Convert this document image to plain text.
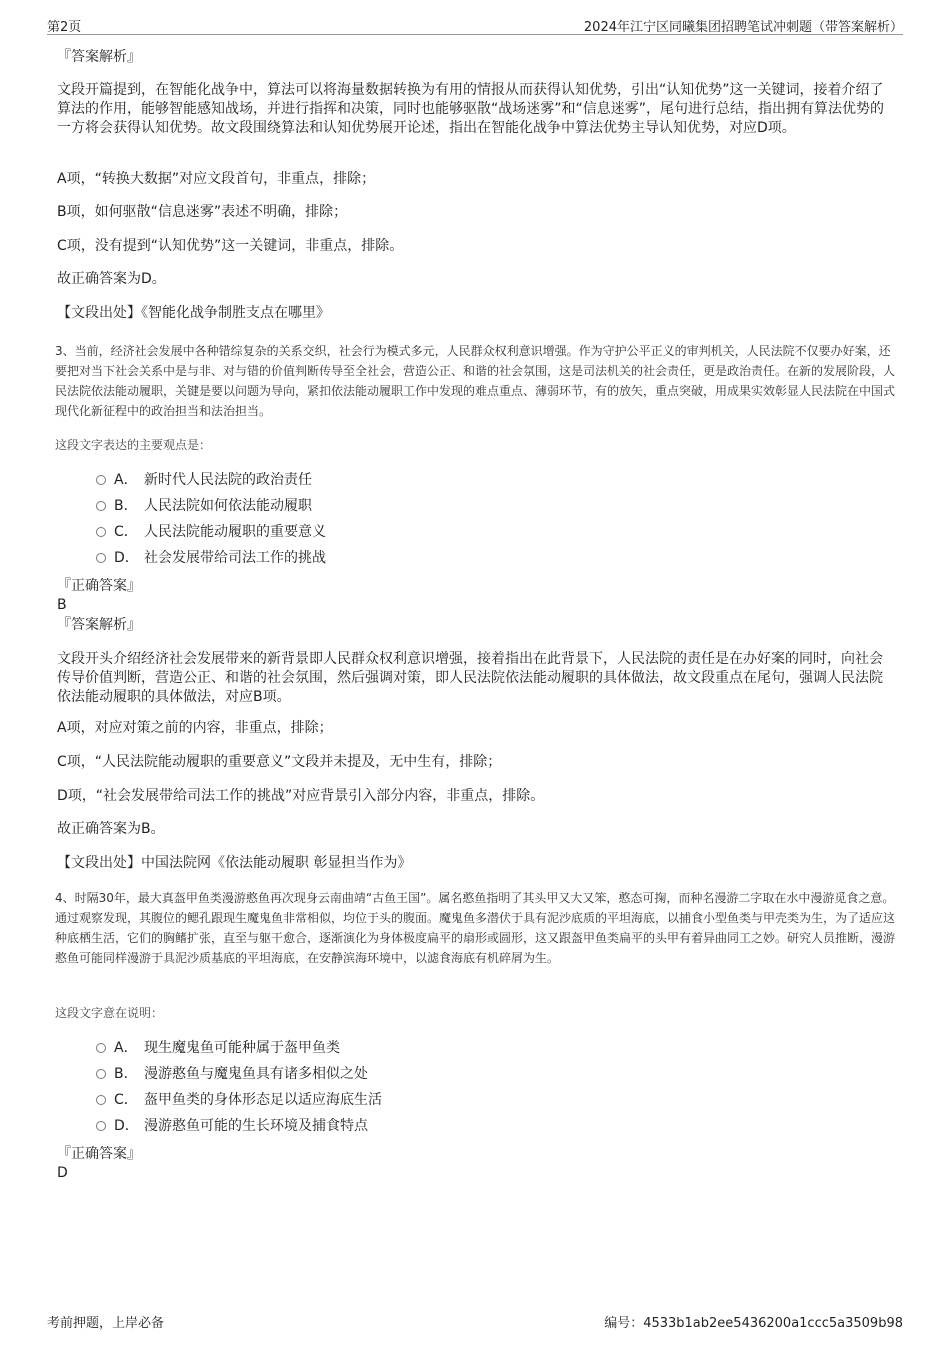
第2页	2024年江宁区同曦集团招聘笔试冲刺题（带答案解析）
『答案解析』
文段开篇提到，在智能化战争中，算法可以将海量数据转换为有用的情报从而获得认知优势，引出“认知优势”这一关键词，接着介绍了算法的作用，能够智能感知战场，并进行指挥和决策，同时也能够驱散“战场迷雾”和“信息迷雾”，尾句进行总结，指出拥有算法优势的一方将会获得认知优势。故文段围绕算法和认知优势展开论述，指出在智能化战争中算法优势主导认知优势，对应D项。
A项，“转换大数据”对应文段首句，非重点，排除；
B项，如何驱散“信息迷雾”表述不明确，排除；
C项，没有提到“认知优势”这一关键词，非重点，排除。
故正确答案为D。
【文段出处】《智能化战争制胜支点在哪里》
3、当前，经济社会发展中各种错综复杂的关系交织，社会行为模式多元，人民群众权利意识增强。作为守护公平正义的审判机关，人民法院不仅要办好案，还要把对当下社会关系中是与非、对与错的价值判断传导至全社会，营造公正、和谐的社会氛围，这是司法机关的社会责任，更是政治责任。在新的发展阶段，人民法院依法能动履职，关键是要以问题为导向，紧扣依法能动履职工作中发现的难点重点、薄弱环节，有的放矢，重点突破，用成果实效彰显人民法院在中国式现代化新征程中的政治担当和法治担当。
这段文字表达的主要观点是：
A． 新时代人民法院的政治责任
B． 人民法院如何依法能动履职
C． 人民法院能动履职的重要意义
D． 社会发展带给司法工作的挑战
『正确答案』
B
『答案解析』
文段开头介绍经济社会发展带来的新背景即人民群众权利意识增强，接着指出在此背景下，人民法院的责任是在办好案的同时，向社会传导价值判断，营造公正、和谐的社会氛围，然后强调对策，即人民法院依法能动履职的具体做法，故文段重点在尾句，强调人民法院依法能动履职的具体做法，对应B项。
A项，对应对策之前的内容，非重点，排除；
C项，“人民法院能动履职的重要意义”文段并未提及，无中生有，排除；
D项，“社会发展带给司法工作的挑战”对应背景引入部分内容，非重点，排除。
故正确答案为B。
【文段出处】中国法院网《依法能动履职 彰显担当作为》
4、时隔30年，最大真盔甲鱼类漫游憨鱼再次现身云南曲靖“古鱼王国”。属名憨鱼指明了其头甲又大又笨，憨态可掬，而种名漫游二字取在水中漫游觅食之意。通过观察发现，其腹位的鳃孔跟现生魔鬼鱼非常相似，均位于头的腹面。魔鬼鱼多潜伏于具有泥沙底质的平坦海底，以捕食小型鱼类与甲壳类为生，为了适应这种底栖生活，它们的胸鳍扩张，直至与躯干愈合，逐渐演化为身体极度扁平的扇形或圆形，这又跟盔甲鱼类扁平的头甲有着异曲同工之妙。研究人员推断，漫游憨鱼可能同样漫游于具泥沙质基底的平坦海底，在安静滨海环境中，以滤食海底有机碎屑为生。
这段文字意在说明：
A． 现生魔鬼鱼可能种属于盔甲鱼类
B． 漫游憨鱼与魔鬼鱼具有诸多相似之处
C． 盔甲鱼类的身体形态足以适应海底生活
D． 漫游憨鱼可能的生长环境及捕食特点
『正确答案』
D
考前押题，上岸必备	编号：4533b1ab2ee5436200a1ccc5a3509b98
